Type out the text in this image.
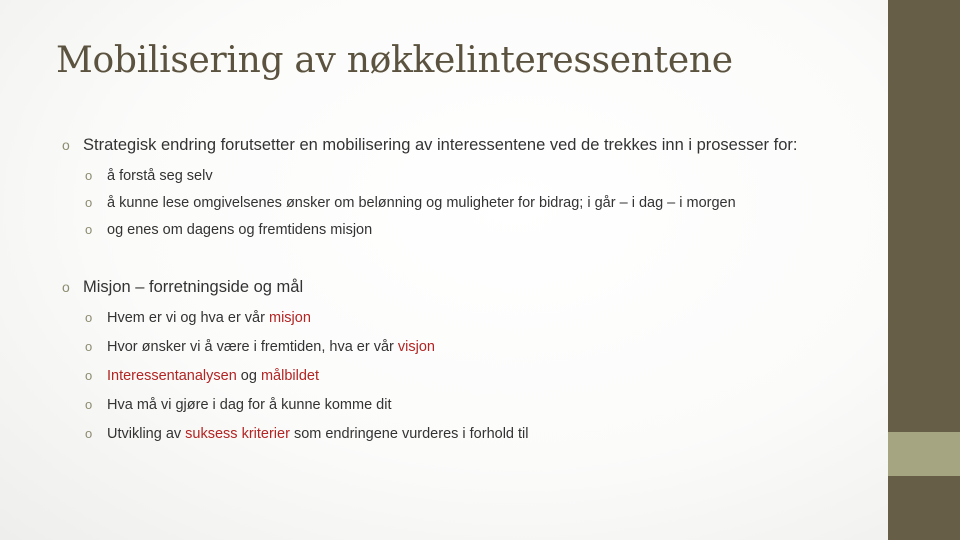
Mobilisering av nøkkelinteressentene
o Strategisk endring forutsetter en mobilisering av interessentene ved de trekkes inn i prosesser for:
o å forstå seg selv
o å kunne lese omgivelsenes ønsker om belønning og muligheter for bidrag; i går – i dag – i morgen
o og enes om dagens og fremtidens misjon
o Misjon – forretningside og mål
o Hvem er vi og hva er vår misjon
o Hvor ønsker vi å være i fremtiden, hva er vår visjon
o Interessentanalysen og målbildet
o Hva må vi gjøre i dag for å kunne komme dit
o Utvikling av suksess kriterier som endringene vurderes i forhold til
